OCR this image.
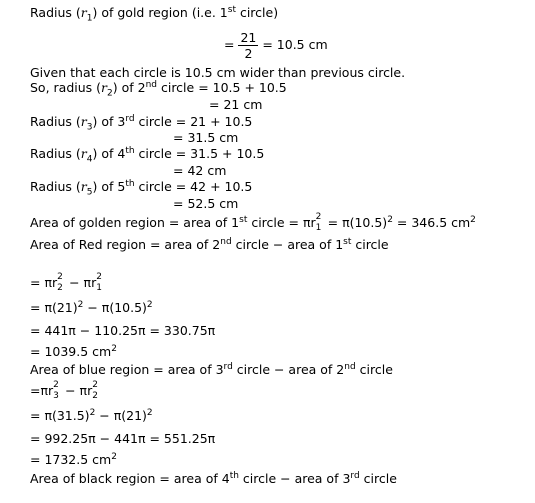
Radius $(r_1)$ of gold region (i.e. 1st circle)
= $\frac{21}{2} = 10.5$ cm
Given that each circle is 10.5 cm wider than previous circle.
So, radius $(r_2)$ of 2nd circle = 10.5 + 10.5
= 21 cm
Radius $(r_3)$ of 3rd circle = 21 + 10.5
= 31.5 cm
Radius $(r_4)$ of 4th circle = 31.5 + 10.5
= 42 cm
Radius $(r_5)$ of 5th circle = 42 + 10.5
= 52.5 cm
Area of golden region = area of 1st circle = πr 2
$1 = \pi(10.5)^2 = 346.5$ $cm^2$
Area of Red region = area of 2nd circle − area of 1st circle
= πr 2
2 − πr 2
1
= $\pi(21)^2 - \pi(10.5)^2$
= 441π − 110.25π = 330.75π
= 1039.5 $cm^2$
Area of blue region = area of 3rd circle − area of 2nd circle
=πr 2
3 − πr 2
2
= $\pi(31.5)^2 - \pi(21)^2$
= 992.25π − 441π = 551.25π
= 1732.5 $cm^2$
Area of black region = area of 4th circle − area of 3rd circle
